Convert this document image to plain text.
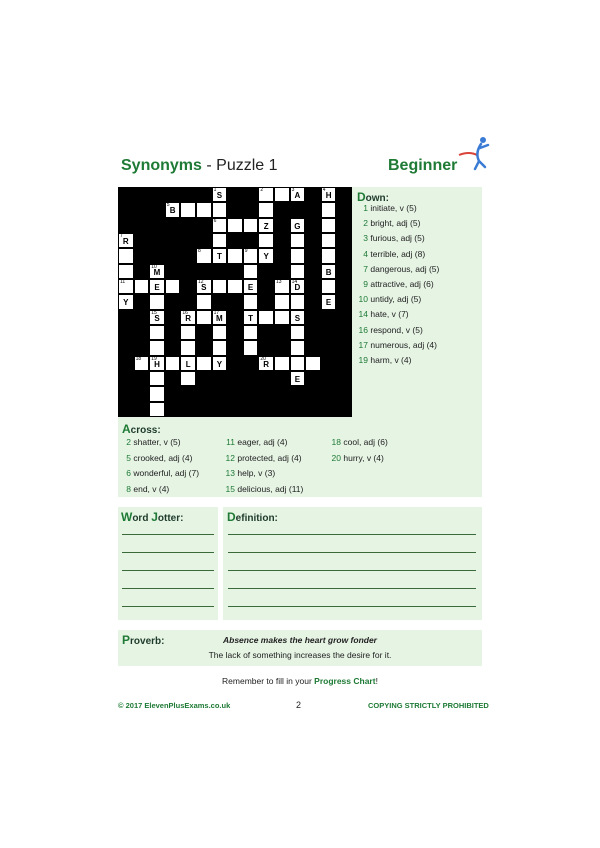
Synonyms - Puzzle 1	Beginner
1
S
2	3
A
4
H
5
B
6
Z	G
7
R
8
T
9
Y
10
M	B
11
E
12
S	E
13 14
D
Y	E
15
S
16
R
17
M	T	S
18 19
H	L	Y
20
R
E
Down:
1 initiate, v (5)
2 bright, adj (5)
3 furious, adj (5)
4 terrible, adj (8)
7 dangerous, adj (5)
9 attractive, adj (6)
10 untidy, adj (5)
14 hate, v (7)
16 respond, v (5)
17 numerous, adj (4)
19 harm, v (4)
Across:
2 shatter, v (5)
5 crooked, adj (4)
6 wonderful, adj (7)
8 end, v (4)
11 eager, adj (4)
12 protected, adj (4)
13 help, v (3)
15 delicious, adj (11)
18 cool, adj (6)
20 hurry, v (4)
Word Jotter:	Definition:
Proverb:	Absence makes the heart grow fonder
The lack of something increases the desire for it.
Remember to fill in your Progress Chart!
© 2017 ElevenPlusExams.co.uk	2	COPYING STRICTLY PROHIBITED
